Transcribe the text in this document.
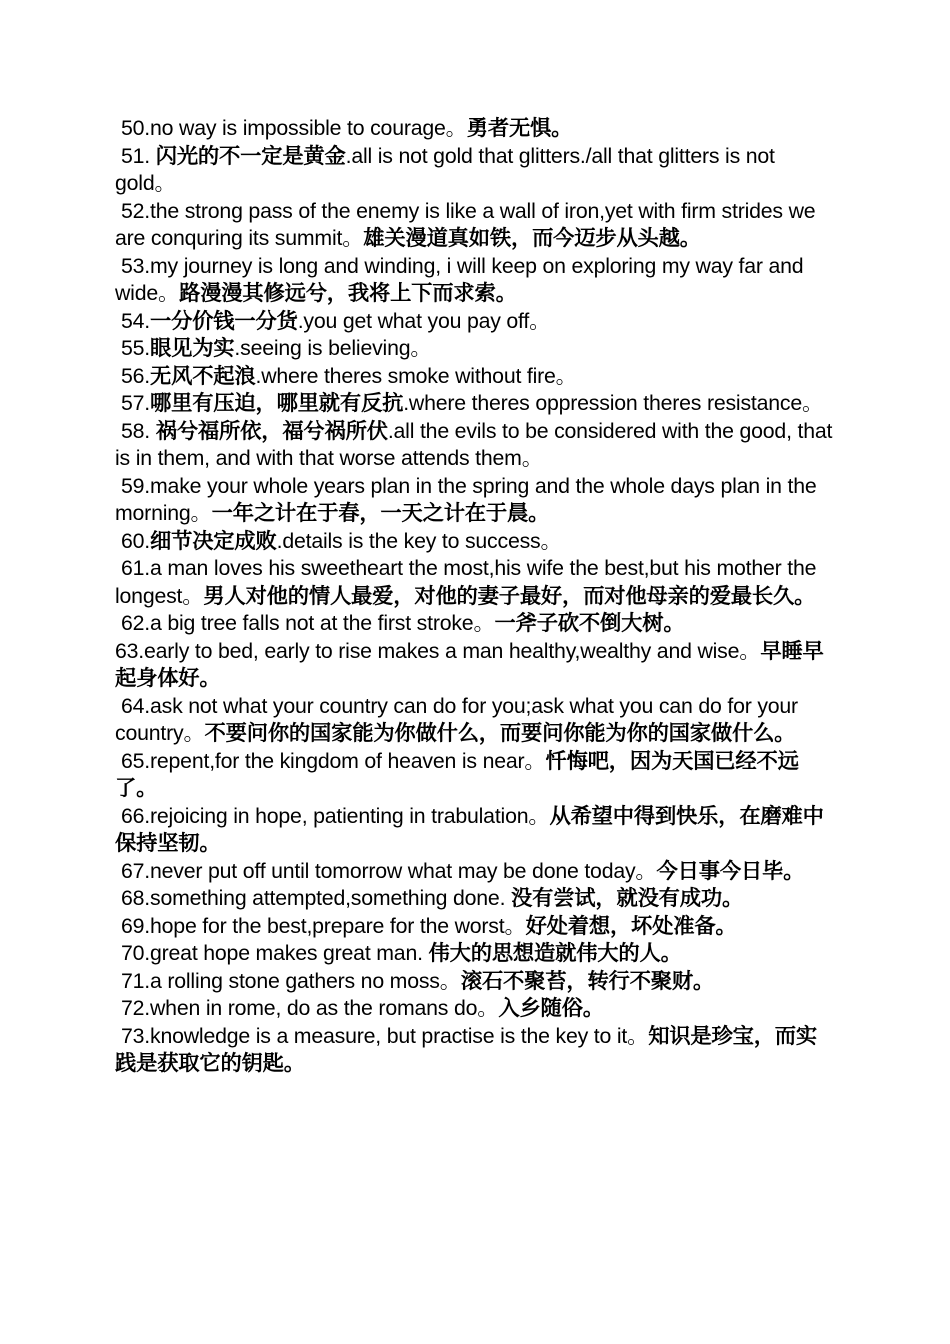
50.no way is impossible to courage。勇者无惧。

51. 闪光的不一定是黄金.all is not gold that glitters./all that glitters is not gold。

52.the strong pass of the enemy is like a wall of iron,yet with firm strides we are conquring its summit。雄关漫道真如铁，而今迈步从头越。

53.my journey is long and winding, i will keep on exploring my way far and wide。路漫漫其修远兮，我将上下而求索。

54.一分价钱一分货.you get what you pay off。

55.眼见为实.seeing is believing。

56.无风不起浪.where theres smoke without fire。

57.哪里有压迫，哪里就有反抗.where theres oppression theres resistance。

58. 祸兮福所依，福兮祸所伏.all the evils to be considered with the good, that is in them, and with that worse attends them。

59.make your whole years plan in the spring and the whole days plan in the morning。一年之计在于春，一天之计在于晨。

60.细节决定成败.details is the key to success。

61.a man loves his sweetheart the most,his wife the best,but his mother the longest。男人对他的情人最爱，对他的妻子最好，而对他母亲的爱最长久。

62.a big tree falls not at the first stroke。一斧子砍不倒大树。

63.early to bed, early to rise makes a man healthy,wealthy and wise。早睡早起身体好。

64.ask not what your country can do for you;ask what you can do for your country。不要问你的国家能为你做什么，而要问你能为你的国家做什么。

65.repent,for the kingdom of heaven is near。忏悔吧，因为天国已经不远了。

66.rejoicing in hope, patienting in trabulation。从希望中得到快乐，在磨难中保持坚韧。

67.never put off until tomorrow what may be done today。今日事今日毕。

68.something attempted,something done. 没有尝试，就没有成功。

69.hope for the best,prepare for the worst。好处着想，坏处准备。

70.great hope makes great man. 伟大的思想造就伟大的人。

71.a rolling stone gathers no moss。滚石不聚苔，转行不聚财。

72.when in rome, do as the romans do。入乡随俗。

73.knowledge is a measure, but practise is the key to it。知识是珍宝，而实践是获取它的钥匙。
